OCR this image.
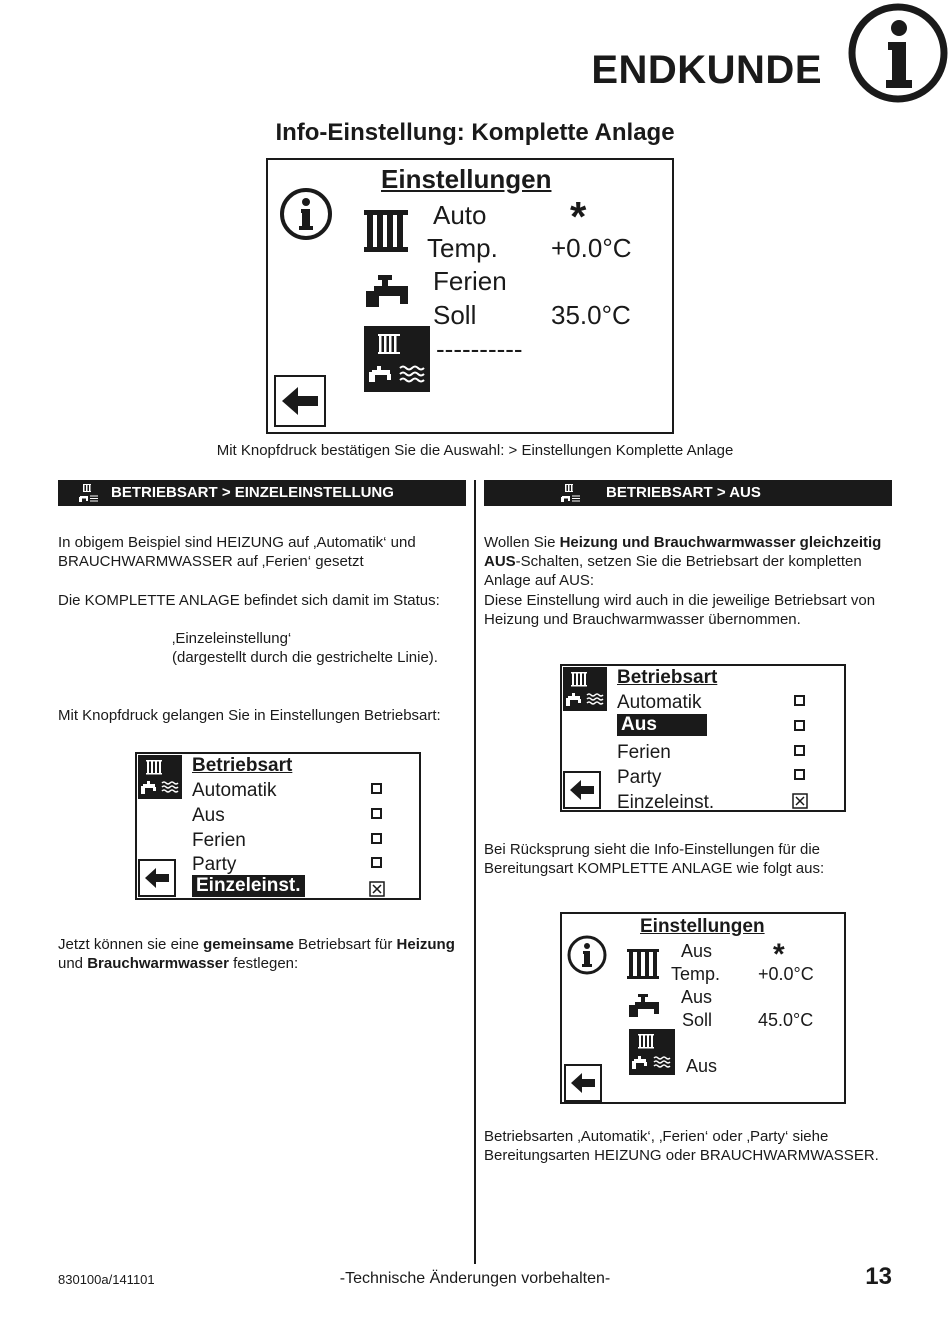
ENDKUNDE
Info-Einstellung: Komplette Anlage
Einstellungen
Auto *
Temp. +0.0°C
Ferien
Soll	35.0°C
----------
Mit Knopfdruck bestätigen Sie die Auswahl: > Einstellungen Komplette Anlage
BETRIEBSART > EINZELEINSTELLUNG	BETRIEBSART > AUS
In obigem Beispiel sind HEIZUNG auf ‚Automatik‘ und BRAUCHWARMWASSER auf ‚Ferien‘ gesetzt
Die KOMPLETTE ANLAGE befindet sich damit im Status:
‚Einzeleinstellung‘
(dargestellt durch die gestrichelte Linie).
Mit Knopfdruck gelangen Sie in Einstellungen Betriebsart:
Betriebsart
Automatik
Aus
Ferien
Party
Einzeleinst.
Jetzt können sie eine gemeinsame Betriebsart für Heizung und Brauchwarmwasser festlegen:
Wollen Sie Heizung und Brauchwarmwasser gleichzeitig AUS-Schalten, setzen Sie die Betriebsart der kompletten Anlage auf AUS:
Diese Einstellung wird auch in die jeweilige Betriebsart von Heizung und Brauchwarmwasser übernommen.
Betriebsart
Automatik
Aus
Ferien
Party
Einzeleinst.
Bei Rücksprung sieht die Info-Einstellungen für die Bereitungsart KOMPLETTE ANLAGE wie folgt aus:
Einstellungen
Aus *
Temp. +0.0°C
Aus
Soll	45.0°C
Aus
Betriebsarten ‚Automatik‘, ‚Ferien‘ oder ‚Party‘ siehe Bereitungsarten HEIZUNG oder BRAUCHWARMWASSER.
830100a/141101	-Technische Änderungen vorbehalten-	13
